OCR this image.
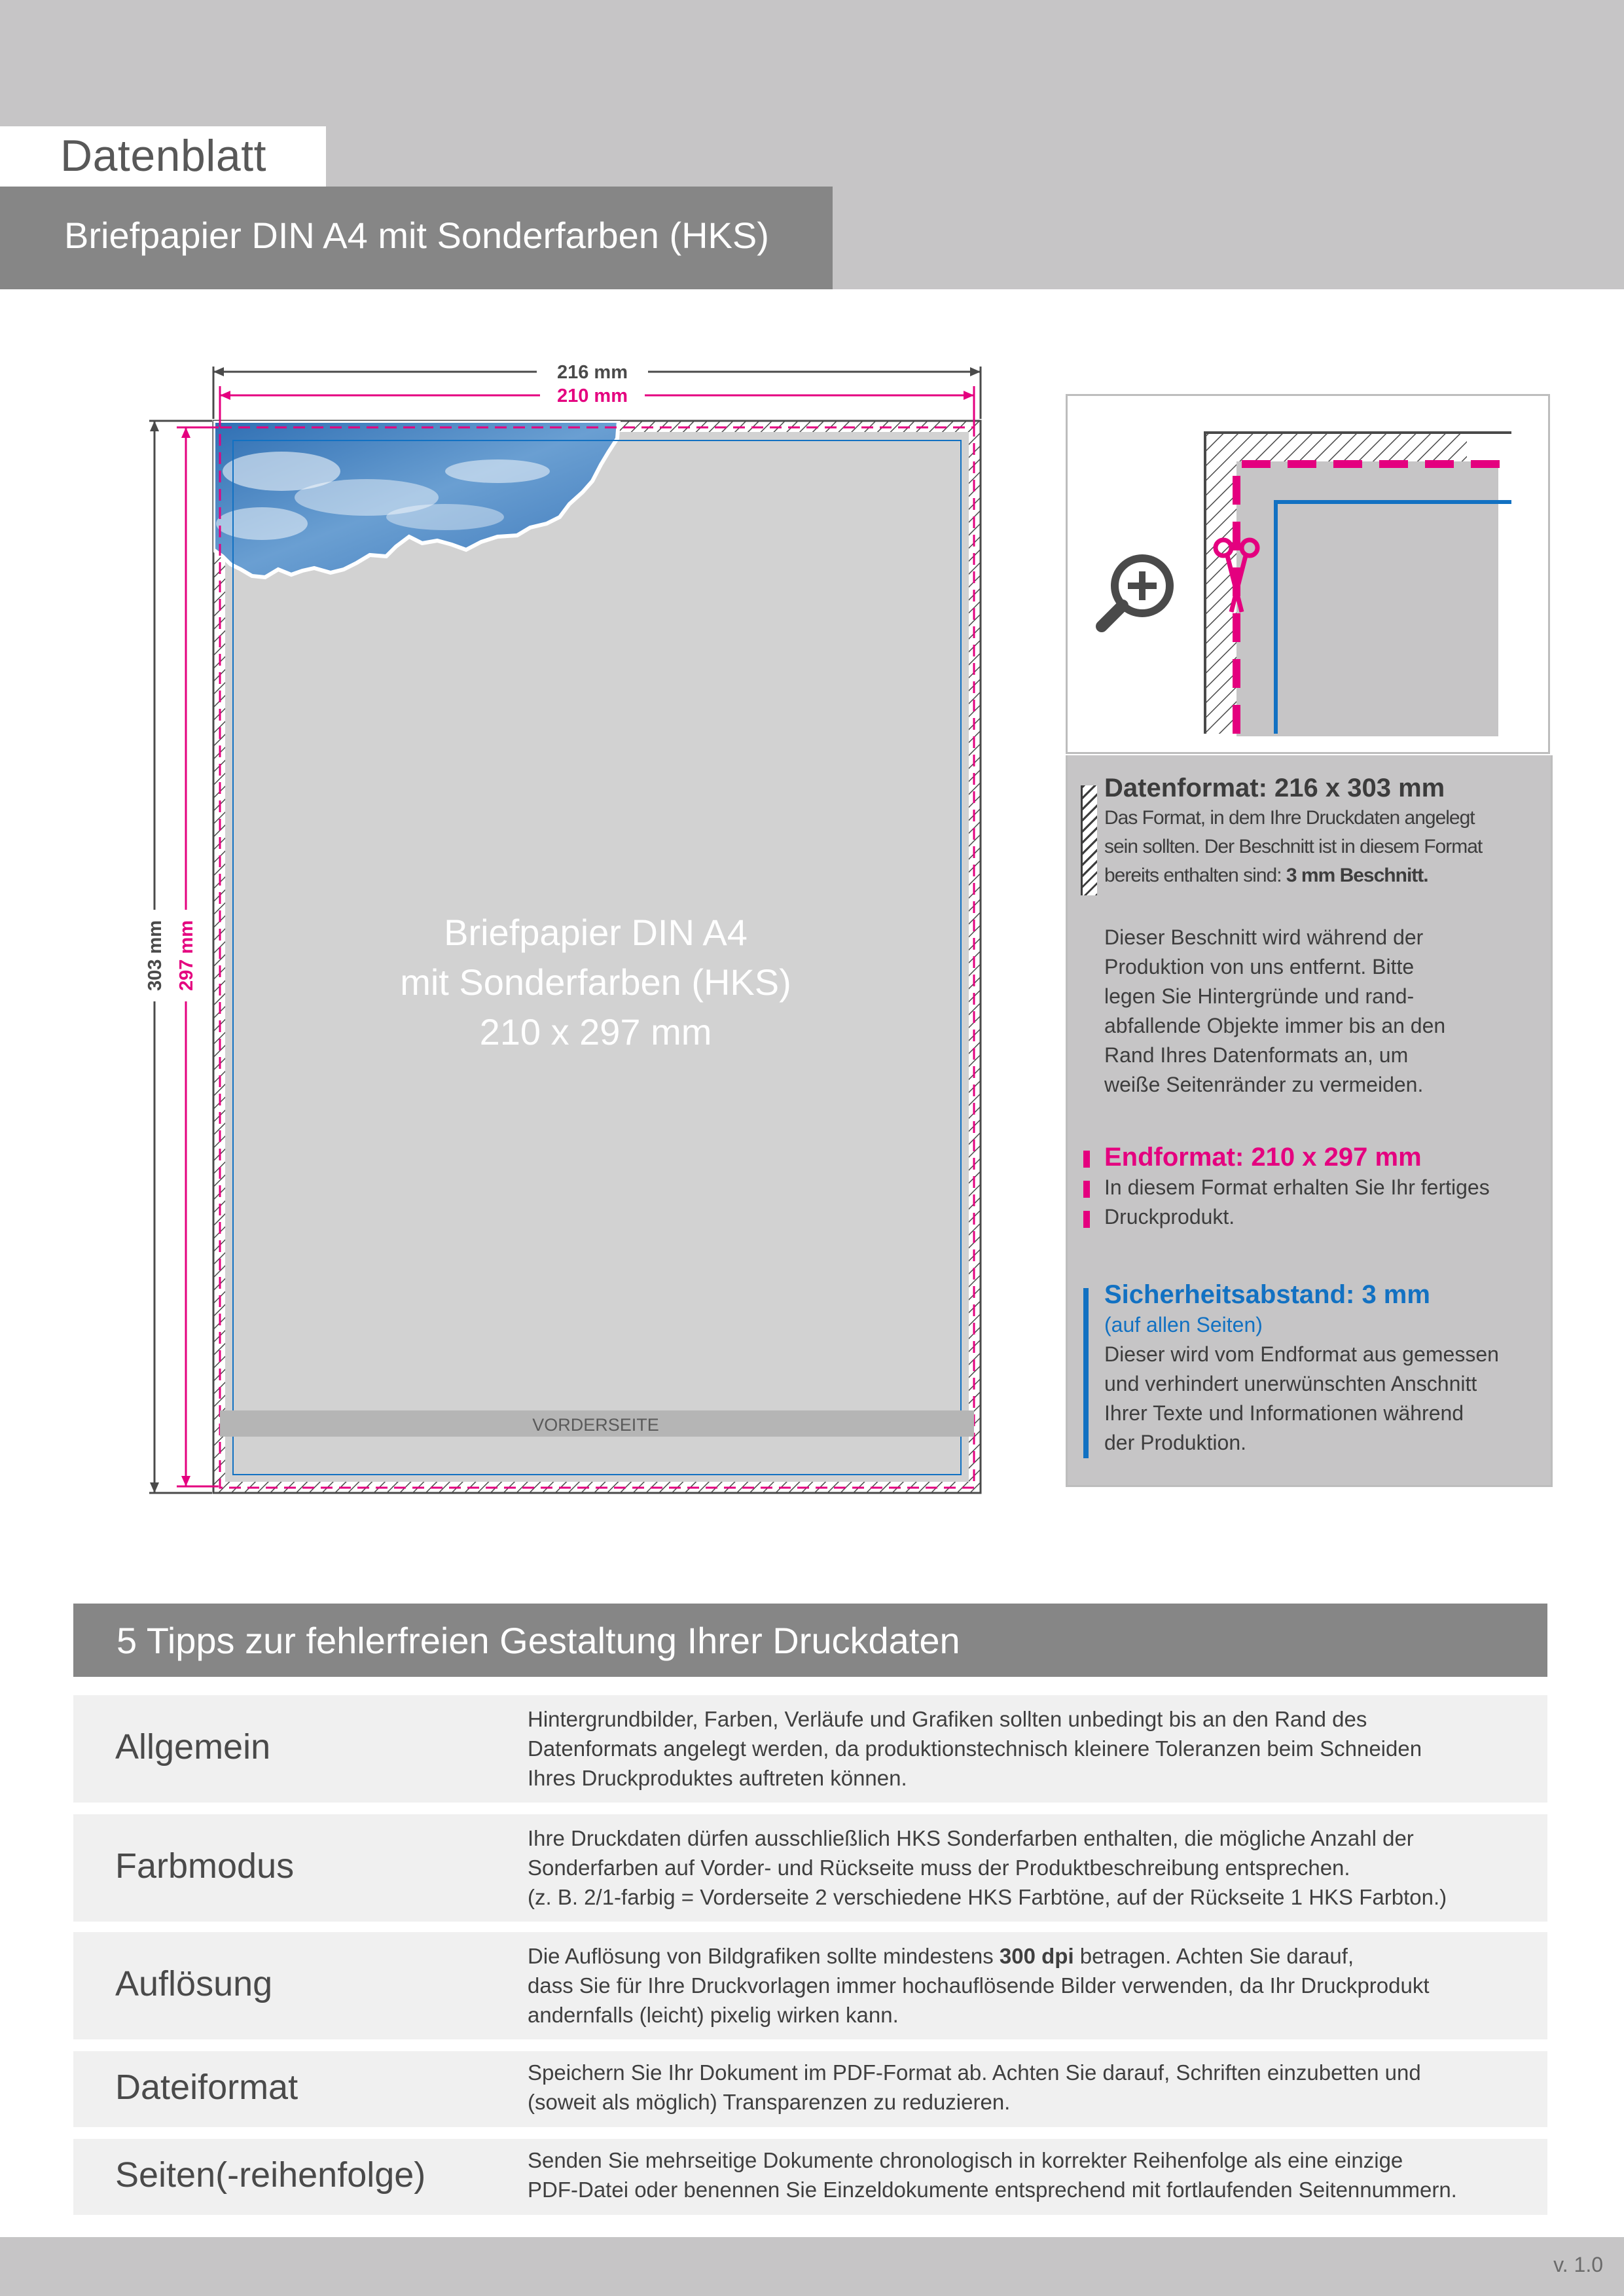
Datenblatt
Briefpapier DIN A4 mit Sonderfarben (HKS)
VORDERSEITE
Briefpapier DIN A4
mit Sonderfarben (HKS)
210 x 297 mm
216 mm
210 mm
303 mm 297 mm
Datenformat: 216 x 303 mm
Das Format, in dem Ihre Druckdaten angelegt
sein sollten. Der Beschnitt ist in diesem Format
bereits enthalten sind: 3 mm Beschnitt.
Dieser Beschnitt wird während der
Produktion von uns entfernt. Bitte
legen Sie Hintergründe und rand-
abfallende Objekte immer bis an den
Rand Ihres Datenformats an, um
weiße Seitenränder zu vermeiden.
Endformat: 210 x 297 mm
In diesem Format erhalten Sie Ihr fertiges
Druckprodukt.
Sicherheitsabstand: 3 mm
(auf allen Seiten)
Dieser wird vom Endformat aus gemessen
und verhindert unerwünschten Anschnitt
Ihrer Texte und Informationen während
der Produktion.
5 Tipps zur fehlerfreien Gestaltung Ihrer Druckdaten
Allgemein
Hintergrundbilder, Farben, Verläufe und Grafiken sollten unbedingt bis an den Rand des
Datenformats angelegt werden, da produktionstechnisch kleinere Toleranzen beim Schneiden
Ihres Druckproduktes auftreten können.
Farbmodus
Ihre Druckdaten dürfen ausschließlich HKS Sonderfarben enthalten, die mögliche Anzahl der
Sonderfarben auf Vorder- und Rückseite muss der Produktbeschreibung entsprechen.
(z. B. 2/1-farbig = Vorderseite 2 verschiedene HKS Farbtöne, auf der Rückseite 1 HKS Farbton.)
Auflösung
Die Auflösung von Bildgrafiken sollte mindestens 300 dpi betragen. Achten Sie darauf,
dass Sie für Ihre Druckvorlagen immer hochauflösende Bilder verwenden, da Ihr Druckprodukt
andernfalls (leicht) pixelig wirken kann.
Dateiformat	Speichern Sie Ihr Dokument im PDF-Format ab. Achten Sie darauf, Schriften einzubetten und
(soweit als möglich) Transparenzen zu reduzieren.
Seiten(-reihenfolge)	Senden Sie mehrseitige Dokumente chronologisch in korrekter Reihenfolge als eine einzige
PDF-Datei oder benennen Sie Einzeldokumente entsprechend mit fortlaufenden Seitennummern.
v. 1.0
